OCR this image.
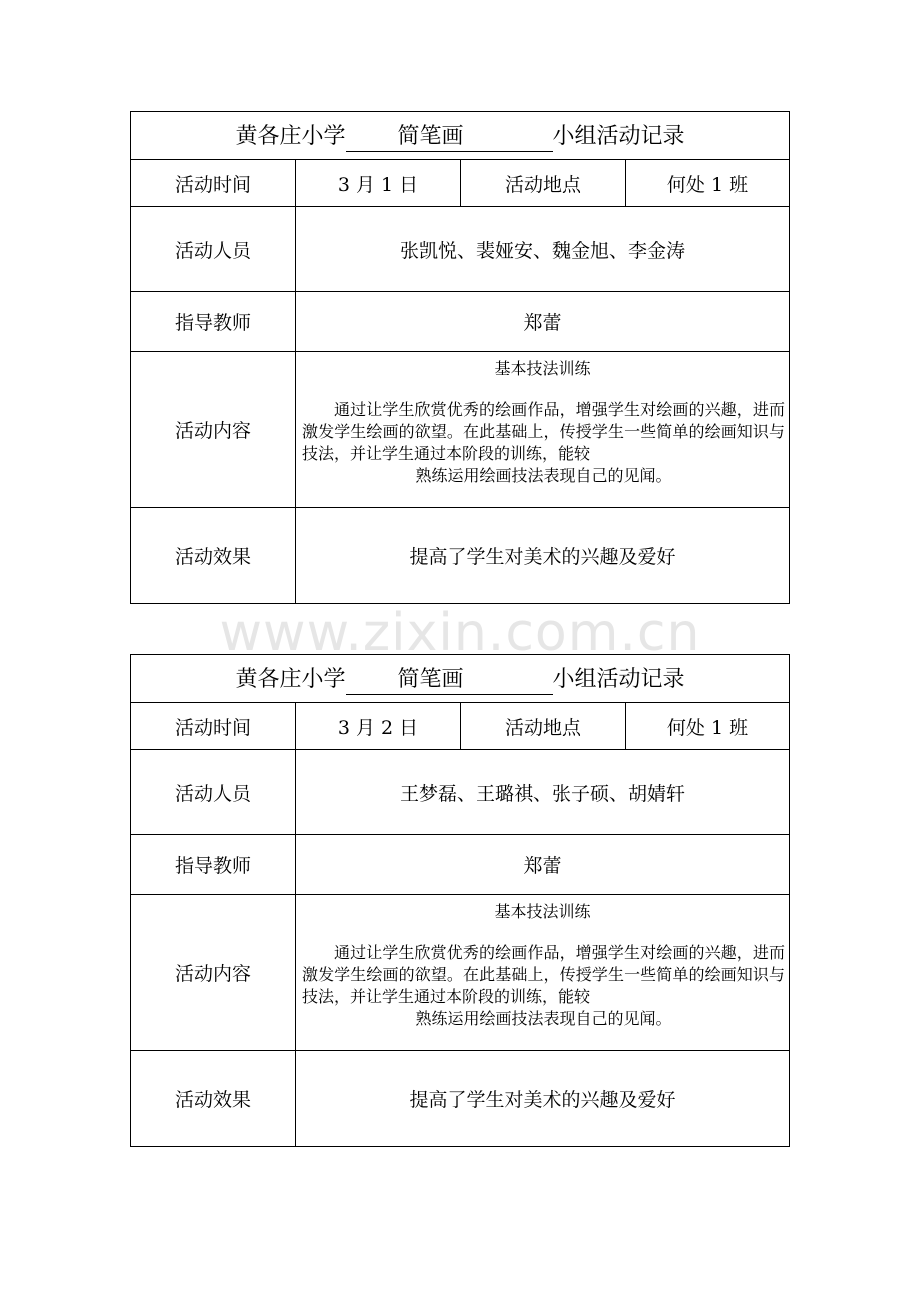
黄各庄小学 简笔画 小组活动记录			
活动时间	3 月 1 日	活动地点	何处 1 班
活动人员	张凯悦、裴娅安、魏金旭、李金涛		
指导教师	郑蕾		
活动内容	基本技法训练
通过让学生欣赏优秀的绘画作品，增强学生对绘画的兴趣，进而激发学生绘画的欲望。在此基础上，传授学生一些简单的绘画知识与技法，并让学生通过本阶段的训练，能较
熟练运用绘画技法表现自己的见闻。		

活动效果	提高了学生对美术的兴趣及爱好		
www.zixin.com.cn
黄各庄小学 简笔画 小组活动记录			
活动时间	3 月 2 日	活动地点	何处 1 班
活动人员	王梦磊、王璐祺、张子硕、胡婧轩		
指导教师	郑蕾		
活动内容	基本技法训练
通过让学生欣赏优秀的绘画作品，增强学生对绘画的兴趣，进而激发学生绘画的欲望。在此基础上，传授学生一些简单的绘画知识与技法，并让学生通过本阶段的训练，能较
熟练运用绘画技法表现自己的见闻。		

活动效果	提高了学生对美术的兴趣及爱好		
